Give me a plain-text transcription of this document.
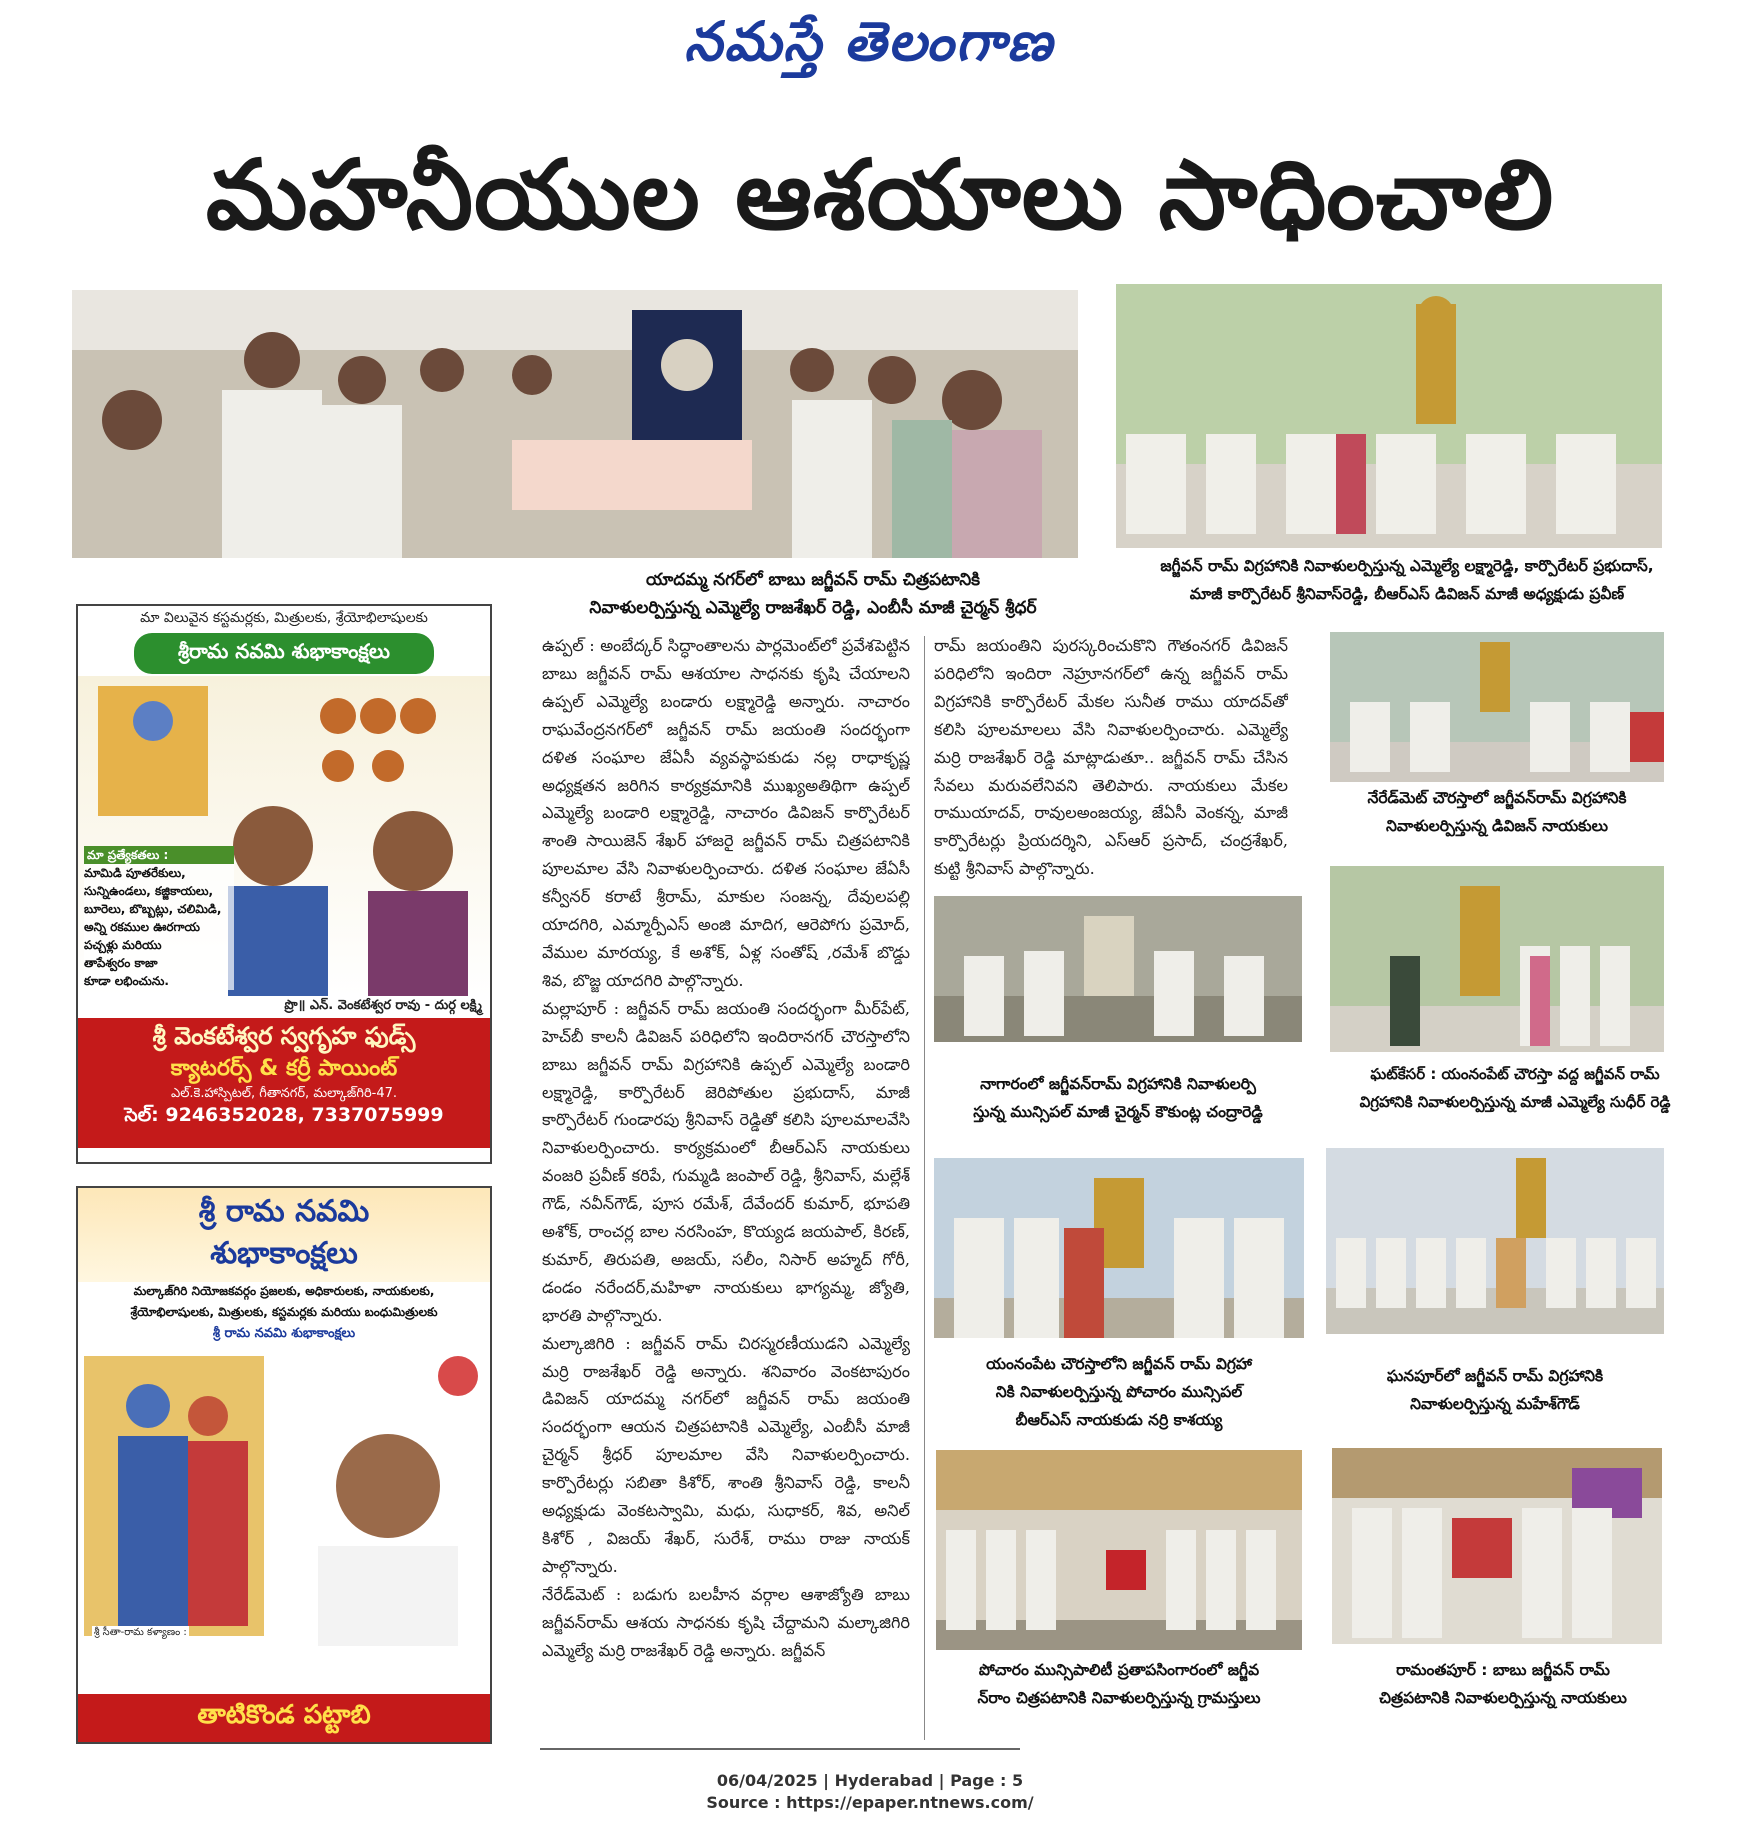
నమస్తే తెలంగాణ
మహనీయుల ఆశయాలు సాధించాలి
యాదమ్మ నగర్‌లో బాబు జగ్జీవన్ రామ్ చిత్రపటానికి
నివాళులర్పిస్తున్న ఎమ్మెల్యే రాజశేఖర్ రెడ్డి, ఎంబీసీ మాజీ చైర్మన్ శ్రీధర్
జగ్జీవన్ రామ్ విగ్రహానికి నివాళులర్పిస్తున్న ఎమ్మెల్యే లక్ష్మారెడ్డి, కార్పొరేటర్ ప్రభుదాస్,
మాజీ కార్పొరేటర్ శ్రీనివాస్‌రెడ్డి, బీఆర్ఎస్ డివిజన్ మాజీ అధ్యక్షుడు ప్రవీణ్
మా విలువైన కస్టమర్లకు, మిత్రులకు, శ్రేయోభిలాషులకు
శ్రీరామ నవమి శుభాకాంక్షలు
మా ప్రత్యేకతలు :
మామిడి పూతరేకులు,
సున్నిఉండలు, కజ్జికాయలు,
బూరెలు, బొబ్బట్లు, చలిమిడి,
అన్ని రకముల ఊరగాయ
పచ్చళ్లు మరియు
తాపేశ్వరం కాజా
కూడా లభించును.
ప్రొ॥ ఎన్. వెంకటేశ్వర రావు - దుర్గ లక్ష్మి
శ్రీ వెంకటేశ్వర స్వగృహ ఫుడ్స్
క్యాటరర్స్ & కర్రీ పాయింట్
ఎల్.కె.హాస్పిటల్, గీతానగర్, మల్కాజ్‌గిరి-47.
సెల్: 9246352028, 7337075999
శ్రీ రామ నవమి
శుభాకాంక్షలు
మల్కాజ్‌గిరి నియోజకవర్గం ప్రజలకు, అధికారులకు, నాయకులకు,
శ్రేయోభిలాషులకు, మిత్రులకు, కస్టమర్లకు మరియు బంధుమిత్రులకు
శ్రీ రామ నవమి శుభాకాంక్షలు
శ్రీ సీతా-రామ కళ్యాణం :
తాటికొండ పట్టాబి

ఉప్పల్ : అంబేద్కర్ సిద్ధాంతాలను పార్లమెంట్‌లో ప్రవేశపెట్టిన బాబు జగ్జీవన్ రామ్ ఆశయాల సాధనకు కృషి చేయాలని ఉప్పల్ ఎమ్మెల్యే బండారు లక్ష్మారెడ్డి అన్నారు. నాచారం రాఘవేంద్రనగర్‌లో జగ్జీవన్ రామ్ జయంతి సందర్భంగా దళిత సంఘాల జేఏసీ వ్యవస్థాపకుడు నల్ల రాధాకృష్ణ అధ్యక్షతన జరిగిన కార్యక్రమానికి ముఖ్యఅతిథిగా ఉప్పల్ ఎమ్మెల్యే బండారి లక్ష్మారెడ్డి, నాచారం డివిజన్ కార్పొరేటర్ శాంతి సాయిజెన్ శేఖర్ హాజరై జగ్జీవన్ రామ్ చిత్రపటానికి పూలమాల వేసి నివాళులర్పించారు. దళిత సంఘాల జేఏసీ కన్వీనర్ కరాటే శ్రీరామ్, మాకుల సంజన్న, దేవులపల్లి యాదగిరి, ఎమ్మార్పీఎస్ అంజి మాదిగ, ఆరెపోగు ప్రమోద్, వేముల మారయ్య, కే అశోక్, ఏళ్ల సంతోష్ ,రమేశ్ బొడ్డు శివ, బొజ్జ యాదగిరి పాల్గొన్నారు.

మల్లాపూర్ : జగ్జీవన్ రామ్ జయంతి సందర్భంగా మీర్‌పేట్, హెచ్‌బీ కాలనీ డివిజన్ పరిధిలోని ఇందిరానగర్ చౌరస్తాలోని బాబు జగ్జీవన్ రామ్ విగ్రహానికి ఉప్పల్ ఎమ్మెల్యే బండారి లక్ష్మారెడ్డి, కార్పొరేటర్ జెరిపోతుల ప్రభుదాస్, మాజీ కార్పొరేటర్ గుండారపు శ్రీనివాస్ రెడ్డితో కలిసి పూలమాలవేసి నివాళులర్పించారు. కార్యక్రమంలో బీఆర్ఎస్ నాయకులు వంజరి ప్రవీణ్ కరిపే, గుమ్మడి జంపాల్ రెడ్డి, శ్రీనివాస్, మల్లేశ్ గౌడ్, నవీన్‌గౌడ్, పూస రమేశ్, దేవేందర్ కుమార్, భూపతి అశోక్, రాంచర్ల బాల నరసింహ, కొయ్యడ జయపాల్, కిరణ్, కుమార్, తిరుపతి, అజయ్, సలీం, నిసార్ అహ్మద్ గోరీ, డండం నరేందర్,మహిళా నాయకులు భాగ్యమ్మ, జ్యోతి, భారతి పాల్గొన్నారు.

మల్కాజిగిరి : జగ్జీవన్ రామ్ చిరస్మరణీయుడని ఎమ్మెల్యే మర్రి రాజశేఖర్ రెడ్డి అన్నారు. శనివారం వెంకటాపురం డివిజన్ యాదమ్మ నగర్‌లో జగ్జీవన్ రామ్ జయంతి సందర్భంగా ఆయన చిత్రపటానికి ఎమ్మెల్యే, ఎంబీసీ మాజీ చైర్మన్ శ్రీధర్ పూలమాల వేసి నివాళులర్పించారు. కార్పొరేటర్లు సబితా కిశోర్, శాంతి శ్రీనివాస్ రెడ్డి, కాలనీ అధ్యక్షుడు వెంకటస్వామి, మధు, సుధాకర్, శివ, అనిల్ కిశోర్ , విజయ్ శేఖర్, సురేశ్, రాము రాజు నాయక్ పాల్గొన్నారు.

నేరేడ్‌మెట్ : బడుగు బలహీన వర్గాల ఆశాజ్యోతి బాబు జగ్జీవన్‌రామ్ ఆశయ సాధనకు కృషి చేద్దామని మల్కాజిగిరి ఎమ్మెల్యే మర్రి రాజశేఖర్ రెడ్డి అన్నారు. జగ్జీవన్

రామ్ జయంతిని పురస్కరించుకొని గౌతంనగర్ డివిజన్ పరిధిలోని ఇందిరా నెహ్రూనగర్‌లో ఉన్న జగ్జీవన్ రామ్ విగ్రహానికి కార్పొరేటర్ మేకల సునీత రాము యాదవ్‌తో కలిసి పూలమాలలు వేసి నివాళులర్పించారు. ఎమ్మెల్యే మర్రి రాజశేఖర్ రెడ్డి మాట్లాడుతూ.. జగ్జీవన్ రామ్ చేసిన సేవలు మరువలేనివని తెలిపారు. నాయకులు మేకల రాముయాదవ్, రావులఅంజయ్య, జేఏసీ వెంకన్న, మాజీ కార్పొరేటర్లు ప్రియదర్శిని, ఎస్ఆర్ ప్రసాద్, చంద్రశేఖర్, కుట్టి శ్రీనివాస్ పాల్గొన్నారు.

నేరేడ్‌మెట్ చౌరస్తాలో జగ్జీవన్‌రామ్ విగ్రహానికి
నివాళులర్పిస్తున్న డివిజన్ నాయకులు
నాగారంలో జగ్జీవన్‌రామ్ విగ్రహానికి నివాళులర్పి
స్తున్న మున్సిపల్ మాజీ చైర్మన్ కౌకుంట్ల చంద్రారెడ్డి
ఘట్‌కేసర్ : యంనంపేట్ చౌరస్తా వద్ద జగ్జీవన్ రామ్
విగ్రహానికి నివాళులర్పిస్తున్న మాజీ ఎమ్మెల్యే సుధీర్ రెడ్డి
యంనంపేట చౌరస్తాలోని జగ్జీవన్ రామ్ విగ్రహా
నికి నివాళులర్పిస్తున్న పోచారం మున్సిపల్
బీఆర్ఎస్ నాయకుడు నర్రి కాశయ్య
ఘనపూర్‌లో జగ్జీవన్ రామ్ విగ్రహానికి
నివాళులర్పిస్తున్న మహేశ్‌గౌడ్
పోచారం మున్సిపాలిటీ ప్రతాపసింగారంలో జగ్జీవ
న్‌రాం చిత్రపటానికి నివాళులర్పిస్తున్న గ్రామస్తులు
రామంతపూర్ : బాబు జగ్జీవన్ రామ్
చిత్రపటానికి నివాళులర్పిస్తున్న నాయకులు
06/04/2025 | Hyderabad | Page : 5
Source : https://epaper.ntnews.com/
